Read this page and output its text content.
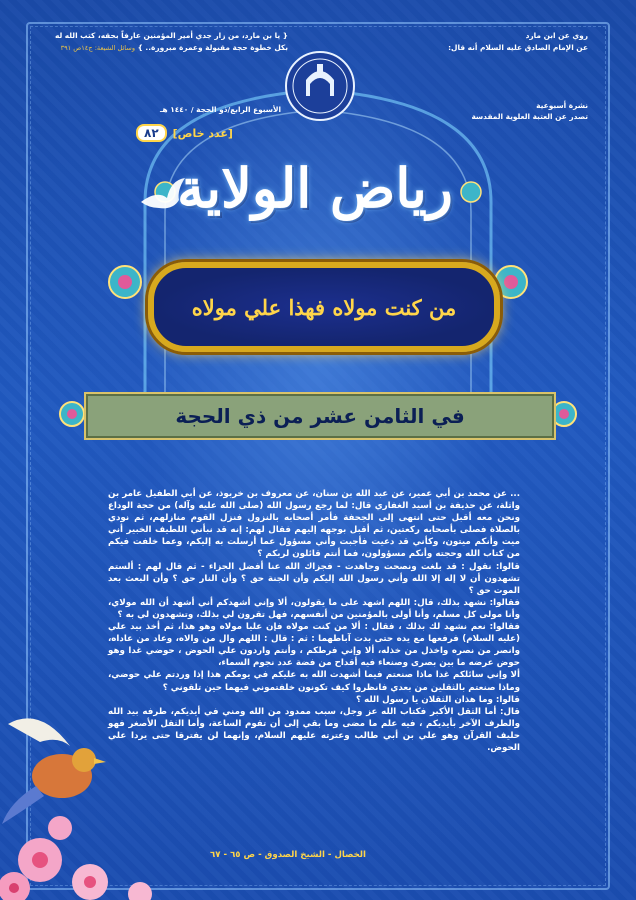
روي عن ابن مارد
عن الإمام الصادق عليه السلام أنه قال:
{ يا بن مارد، من زار جدي أمير المؤمنين عارفاً بحقه، كتب الله له
بكل خطوة حجة مقبولة وعمرة مبرورة.. } وسائل الشيعة: ج١٤ص ٣٩١
نشرة أسبوعية
تصدر عن العتبة العلوية المقدسة
الأسبوع الرابع/ذو الحجة / ١٤٤٠ هـ
[عدد خاص]
٨٢
رياض الولاية
من كنت مولاه فهذا علي مولاه
في الثامن عشر من ذي الحجة

... عن محمد بن أبي عمير، عن عبد الله بن سنان، عن معروف بن خربوذ، عن أبي الطفيل عامر بن واثلة، عن حذيفة بن أسيد الغفاري قال: لما رجع رسول الله (صلى الله عليه وآله) من حجة الوداع ونحن معه أقبل حتى انتهى إلى الجحفة فأمر أصحابه بالنزول فنزل القوم منازلهم، ثم نودي بالصلاة فصلى بأصحابه ركعتين، ثم أقبل بوجهه إليهم فقال لهم: إنه قد نبأني اللطيف الخبير أني ميت وأنكم ميتون، وكأني قد دعيت فأجبت وأني مسؤول عما أرسلت به إليكم، وعما خلفت فيكم من كتاب الله وحجته وأنكم مسؤولون، فما أنتم قائلون لربكم ؟

قالوا: نقول : قد بلغت ونصحت وجاهدت - فجزاك الله عنا أفضل الجزاء - ثم قال لهم : ألستم تشهدون أن لا إله إلا الله وأني رسول الله إليكم وأن الجنة حق ؟ وأن النار حق ؟ وأن البعث بعد الموت حق ؟

فقالوا: نشهد بذلك، قال: اللهم اشهد على ما يقولون، ألا وإني أشهدكم أني أشهد أن الله مولاي، وأنا مولى كل مسلم، وأنا أولى بالمؤمنين من أنفسهم، فهل تقرون لي بذلك، وتشهدون لي به ؟

فقالوا: نعم نشهد لك بذلك ، فقال : ألا من كنت مولاه فإن عليا مولاه وهو هذا، ثم أخذ بيد علي (عليه السلام) فرفعها مع يده حتى بدت آباطهما : ثم : قال : اللهم وال من والاه، وعاد من عاداه، وانصر من نصره واخذل من خذله، ألا وإني فرطكم ، وأنتم واردون علي الحوض ، حوضي غدا وهو حوض عرضه ما بين بصرى وصنعاء فيه أقداح من فضة عدد نجوم السماء،

ألا وإني سائلكم غدا ماذا صنعتم فيما أشهدت الله به عليكم في يومكم هذا إذا وردتم علي حوضي، وماذا صنعتم بالثقلين من بعدي فانظروا كيف تكونون خلفتموني فيهما حين تلقوني ؟

قالوا: وما هذان الثقلان يا رسول الله ؟

قال: أما الثقل الأكبر فكتاب الله عز وجل، سبب ممدود من الله ومني في أيديكم، طرفه بيد الله والطرف الآخر بأيديكم ، فيه علم ما مضى وما بقي إلى أن تقوم الساعة، وأما الثقل الأصغر فهو حليف القرآن وهو علي بن أبي طالب وعترته عليهم السلام، وإنهما لن يفترقا حتى يردا علي الحوض.

الخصال - الشيخ الصدوق - ص ٦٥ - ٦٧
